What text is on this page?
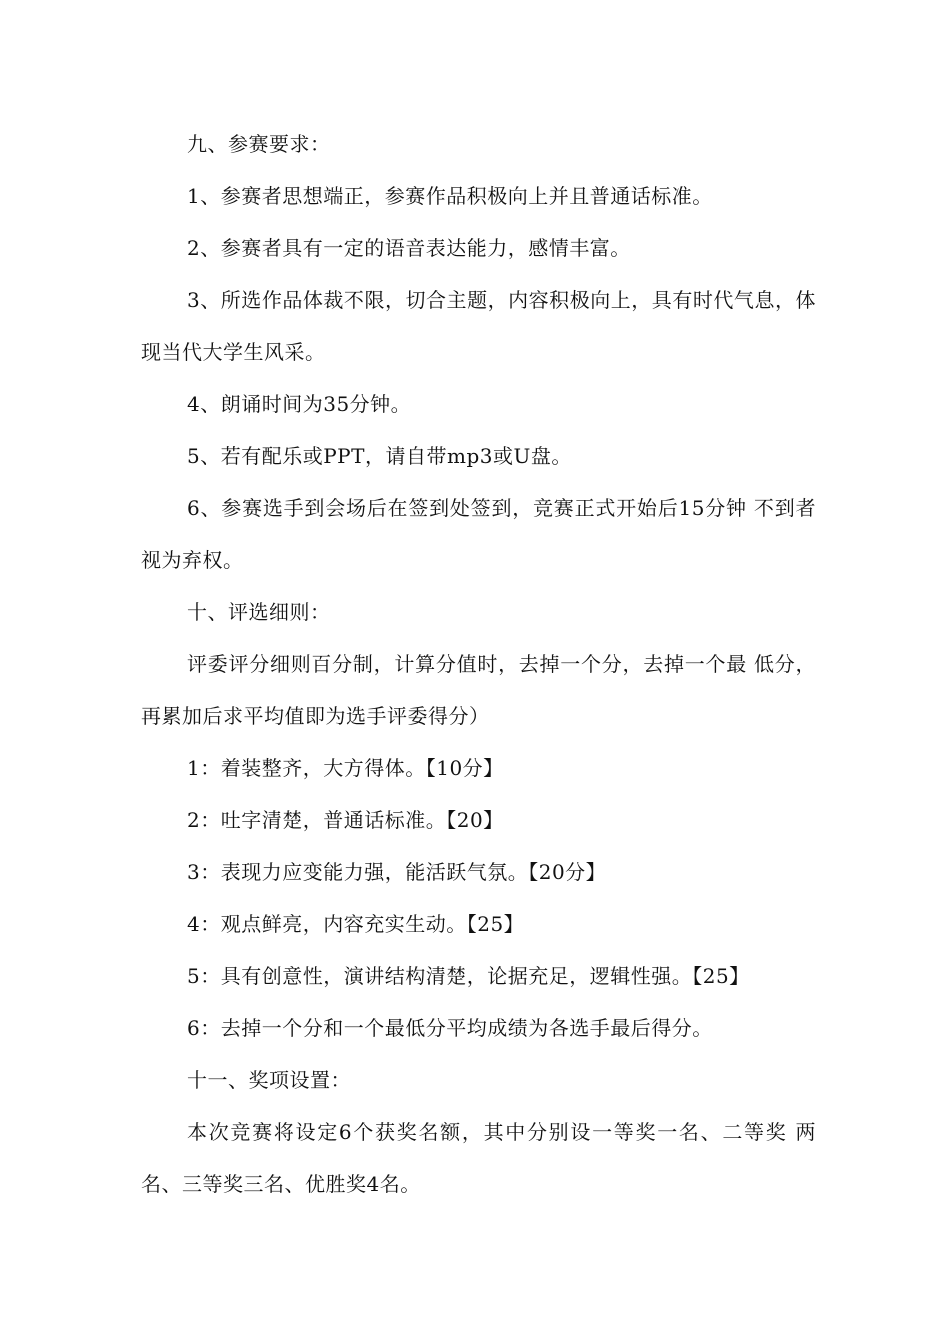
九、参赛要求：

1、参赛者思想端正，参赛作品积极向上并且普通话标准。

2、参赛者具有一定的语音表达能力，感情丰富。

3、所选作品体裁不限，切合主题，内容积极向上，具有时代气息，体现当代大学生风采。

4、朗诵时间为35分钟。

5、若有配乐或PPT，请自带mp3或U盘。

6、参赛选手到会场后在签到处签到，竞赛正式开始后15分钟 不到者视为弃权。

十、评选细则：

评委评分细则百分制，计算分值时，去掉一个分，去掉一个最 低分，再累加后求平均值即为选手评委得分）

1：着装整齐，大方得体。【10分】

2：吐字清楚，普通话标准。【20】

3：表现力应变能力强，能活跃气氛。【20分】

4：观点鲜亮，内容充实生动。【25】

5：具有创意性，演讲结构清楚，论据充足，逻辑性强。【25】

6：去掉一个分和一个最低分平均成绩为各选手最后得分。

十一、奖项设置：

本次竞赛将设定6个获奖名额，其中分别设一等奖一名、二等奖 两名、三等奖三名、优胜奖4名。
